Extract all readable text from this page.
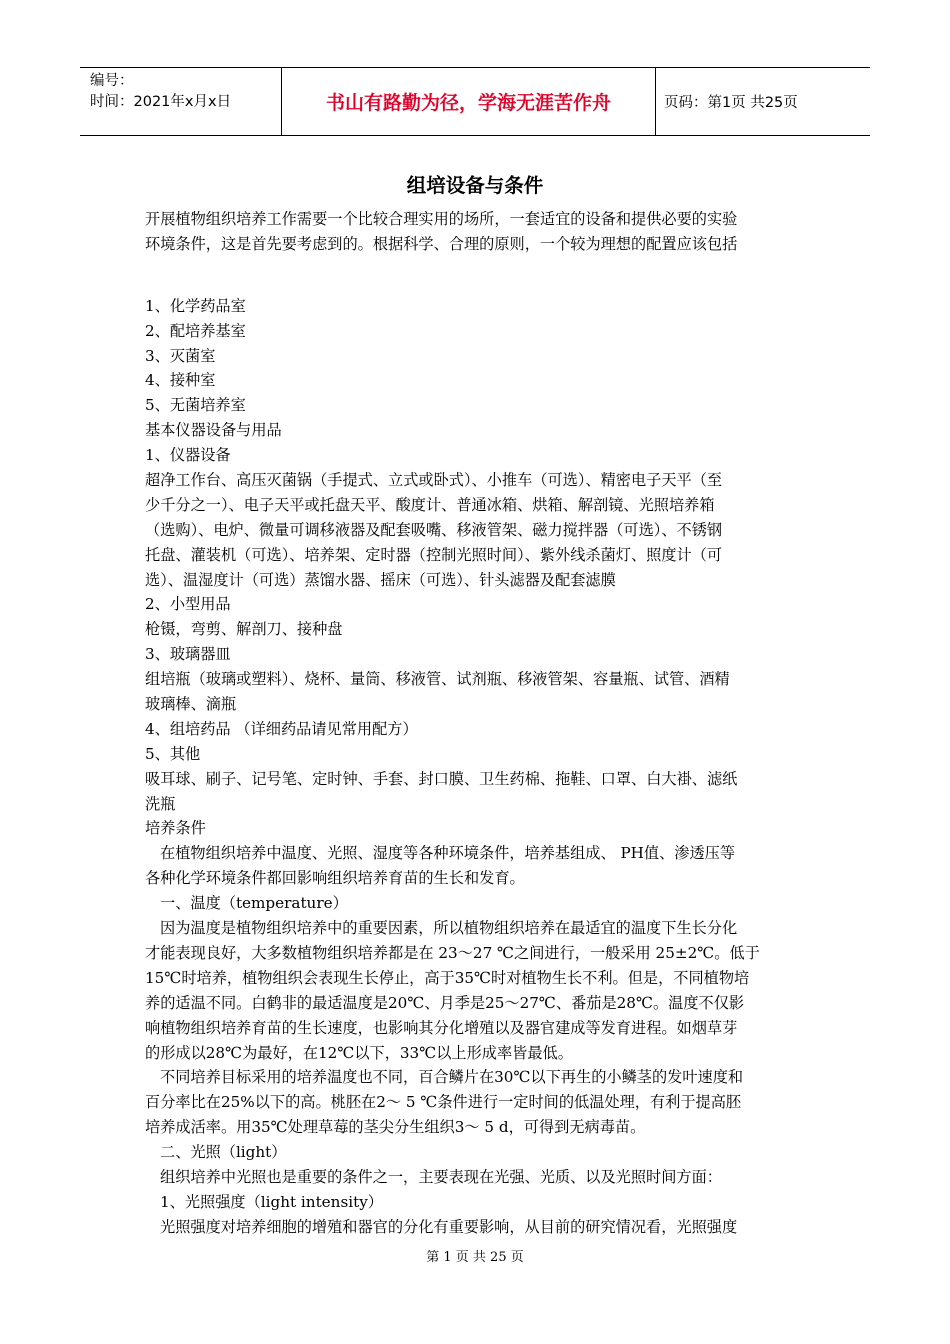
编号：
时间：2021年x月x日	书山有路勤为径，学海无涯苦作舟	页码：第1页 共25页
组培设备与条件
开展植物组织培养工作需要一个比较合理实用的场所，一套适宜的设备和提供必要的实验
环境条件，这是首先要考虑到的。根据科学、合理的原则，一个较为理想的配置应该包括
1、化学药品室
2、配培养基室
3、灭菌室
4、接种室
5、无菌培养室
基本仪器设备与用品
1、仪器设备
超净工作台、高压灭菌锅（手提式、立式或卧式）、小推车（可选）、精密电子天平（至
少千分之一）、电子天平或托盘天平、酸度计、普通冰箱、烘箱、解剖镜、光照培养箱
（选购）、电炉、微量可调移液器及配套吸嘴、移液管架、磁力搅拌器（可选）、不锈钢
托盘、灌装机（可选）、培养架、定时器（控制光照时间）、紫外线杀菌灯、照度计（可
选）、温湿度计（可选）蒸馏水器、摇床（可选）、针头滤器及配套滤膜
2、小型用品
枪镊，弯剪、解剖刀、接种盘
3、玻璃器皿
组培瓶（玻璃或塑料）、烧杯、量筒、移液管、试剂瓶、移液管架、容量瓶、试管、酒精
玻璃棒、滴瓶
4、组培药品 （详细药品请见常用配方）
5、其他
吸耳球、刷子、记号笔、定时钟、手套、封口膜、卫生药棉、拖鞋、口罩、白大褂、滤纸
洗瓶
培养条件
在植物组织培养中温度、光照、湿度等各种环境条件，培养基组成、 PH值、渗透压等
各种化学环境条件都回影响组织培养育苗的生长和发育。
一、温度（temperature）
因为温度是植物组织培养中的重要因素，所以植物组织培养在最适宜的温度下生长分化
才能表现良好，大多数植物组织培养都是在 23～27 ℃之间进行，一般采用 25±2℃。低于
15℃时培养，植物组织会表现生长停止，高于35℃时对植物生长不利。但是，不同植物培
养的适温不同。白鹤非的最适温度是20℃、月季是25～27℃、番茄是28℃。温度不仅影
响植物组织培养育苗的生长速度，也影响其分化增殖以及器官建成等发育进程。如烟草芽
的形成以28℃为最好，在12℃以下，33℃以上形成率皆最低。
不同培养目标采用的培养温度也不同，百合鳞片在30℃以下再生的小鳞茎的发叶速度和
百分率比在25%以下的高。桃胚在2～ 5 ℃条件进行一定时间的低温处理，有利于提高胚
培养成活率。用35℃处理草莓的茎尖分生组织3～ 5 d，可得到无病毒苗。
二、光照（light）
组织培养中光照也是重要的条件之一，主要表现在光强、光质、以及光照时间方面：
1、光照强度（light intensity）
光照强度对培养细胞的增殖和器官的分化有重要影响，从目前的研究情况看，光照强度
第 1 页 共 25 页
